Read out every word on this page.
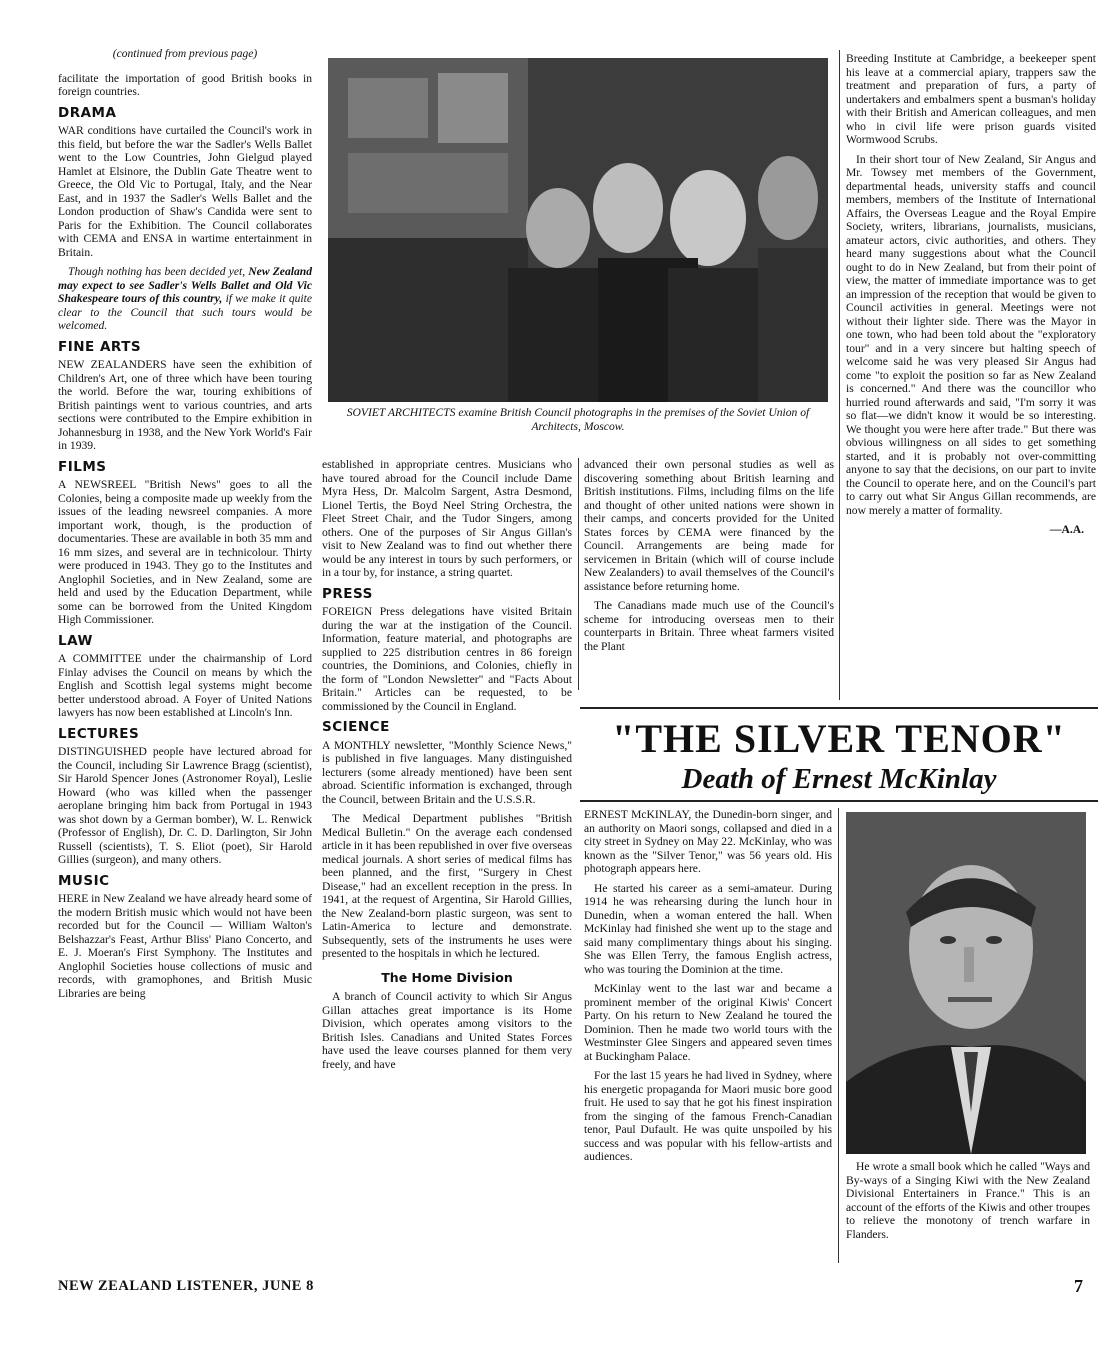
(continued from previous page)

facilitate the importation of good British books in foreign countries.

DRAMA

WAR conditions have curtailed the Council's work in this field, but before the war the Sadler's Wells Ballet went to the Low Countries, John Gielgud played Hamlet at Elsinore, the Dublin Gate Theatre went to Greece, the Old Vic to Portugal, Italy, and the Near East, and in 1937 the Sadler's Wells Ballet and the London production of Shaw's Candida were sent to Paris for the Exhibition. The Council collaborates with CEMA and ENSA in wartime entertainment in Britain.

Though nothing has been decided yet, New Zealand may expect to see Sadler's Wells Ballet and Old Vic Shakespeare tours of this country, if we make it quite clear to the Council that such tours would be welcomed.

FINE ARTS

NEW ZEALANDERS have seen the exhibition of Children's Art, one of three which have been touring the world. Before the war, touring exhibitions of British paintings went to various countries, and arts sections were contributed to the Empire exhibition in Johannesburg in 1938, and the New York World's Fair in 1939.

FILMS

A NEWSREEL "British News" goes to all the Colonies, being a composite made up weekly from the issues of the leading newsreel companies. A more important work, though, is the production of documentaries. These are available in both 35 mm and 16 mm sizes, and several are in technicolour. Thirty were produced in 1943. They go to the Institutes and Anglophil Societies, and in New Zealand, some are held and used by the Education Department, while some can be borrowed from the United Kingdom High Commissioner.

LAW

A COMMITTEE under the chairmanship of Lord Finlay advises the Council on means by which the English and Scottish legal systems might become better understood abroad. A Foyer of United Nations lawyers has now been established at Lincoln's Inn.

LECTURES

DISTINGUISHED people have lectured abroad for the Council, including Sir Lawrence Bragg (scientist), Sir Harold Spencer Jones (Astronomer Royal), Leslie Howard (who was killed when the passenger aeroplane bringing him back from Portugal in 1943 was shot down by a German bomber), W. L. Renwick (Professor of English), Dr. C. D. Darlington, Sir John Russell (scientists), T. S. Eliot (poet), Sir Harold Gillies (surgeon), and many others.

MUSIC

HERE in New Zealand we have already heard some of the modern British music which would not have been recorded but for the Council — William Walton's Belshazzar's Feast, Arthur Bliss' Piano Concerto, and E. J. Moeran's First Symphony. The Institutes and Anglophil Societies house collections of music and records, with gramophones, and British Music Libraries are being

SOVIET ARCHITECTS examine British Council photographs in the premises of the Soviet Union of Architects, Moscow.

established in appropriate centres. Musicians who have toured abroad for the Council include Dame Myra Hess, Dr. Malcolm Sargent, Astra Desmond, Lionel Tertis, the Boyd Neel String Orchestra, the Fleet Street Chair, and the Tudor Singers, among others. One of the purposes of Sir Angus Gillan's visit to New Zealand was to find out whether there would be any interest in tours by such performers, or in a tour by, for instance, a string quartet.

PRESS

FOREIGN Press delegations have visited Britain during the war at the instigation of the Council. Information, feature material, and photographs are supplied to 225 distribution centres in 86 foreign countries, the Dominions, and Colonies, chiefly in the form of "London Newsletter" and "Facts About Britain." Articles can be requested, to be commissioned by the Council in England.

SCIENCE

A MONTHLY newsletter, "Monthly Science News," is published in five languages. Many distinguished lecturers (some already mentioned) have been sent abroad. Scientific information is exchanged, through the Council, between Britain and the U.S.S.R.

The Medical Department publishes "British Medical Bulletin." On the average each condensed article in it has been republished in over five overseas medical journals. A short series of medical films has been planned, and the first, "Surgery in Chest Disease," had an excellent reception in the press. In 1941, at the request of Argentina, Sir Harold Gillies, the New Zealand-born plastic surgeon, was sent to Latin-America to lecture and demonstrate. Subsequently, sets of the instruments he uses were presented to the hospitals in which he lectured.

The Home Division

A branch of Council activity to which Sir Angus Gillan attaches great importance is its Home Division, which operates among visitors to the British Isles. Canadians and United States Forces have used the leave courses planned for them very freely, and have

advanced their own personal studies as well as discovering something about British learning and British institutions. Films, including films on the life and thought of other united nations were shown in their camps, and concerts provided for the United States forces by CEMA were financed by the Council. Arrangements are being made for servicemen in Britain (which will of course include New Zealanders) to avail themselves of the Council's assistance before returning home.

The Canadians made much use of the Council's scheme for introducing overseas men to their counterparts in Britain. Three wheat farmers visited the Plant

Breeding Institute at Cambridge, a beekeeper spent his leave at a commercial apiary, trappers saw the treatment and preparation of furs, a party of undertakers and embalmers spent a busman's holiday with their British and American colleagues, and men who in civil life were prison guards visited Wormwood Scrubs.

In their short tour of New Zealand, Sir Angus and Mr. Towsey met members of the Government, departmental heads, university staffs and council members, members of the Institute of International Affairs, the Overseas League and the Royal Empire Society, writers, librarians, journalists, musicians, amateur actors, civic authorities, and others. They heard many suggestions about what the Council ought to do in New Zealand, but from their point of view, the matter of immediate importance was to get an impression of the reception that would be given to Council activities in general. Meetings were not without their lighter side. There was the Mayor in one town, who had been told about the "exploratory tour" and in a very sincere but halting speech of welcome said he was very pleased Sir Angus had come "to exploit the position so far as New Zealand is concerned." And there was the councillor who hurried round afterwards and said, "I'm sorry it was so flat—we didn't know it would be so interesting. We thought you were here after trade." But there was obvious willingness on all sides to get something started, and it is probably not over-committing anyone to say that the decisions, on our part to invite the Council to operate here, and on the Council's part to carry out what Sir Angus Gillan recommends, are now merely a matter of formality.

—A.A.
"THE SILVER TENOR"
Death of Ernest McKinlay

ERNEST McKINLAY, the Dunedin-born singer, and an authority on Maori songs, collapsed and died in a city street in Sydney on May 22. McKinlay, who was known as the "Silver Tenor," was 56 years old. His photograph appears here.

He started his career as a semi-amateur. During 1914 he was rehearsing during the lunch hour in Dunedin, when a woman entered the hall. When McKinlay had finished she went up to the stage and said many complimentary things about his singing. She was Ellen Terry, the famous English actress, who was touring the Dominion at the time.

McKinlay went to the last war and became a prominent member of the original Kiwis' Concert Party. On his return to New Zealand he toured the Dominion. Then he made two world tours with the Westminster Glee Singers and appeared seven times at Buckingham Palace.

For the last 15 years he had lived in Sydney, where his energetic propaganda for Maori music bore good fruit. He used to say that he got his finest inspiration from the singing of the famous French-Canadian tenor, Paul Dufault. He was quite unspoiled by his success and was popular with his fellow-artists and audiences.

He wrote a small book which he called "Ways and By-ways of a Singing Kiwi with the New Zealand Divisional Entertainers in France." This is an account of the efforts of the Kiwis and other troupes to relieve the monotony of trench warfare in Flanders.

NEW ZEALAND LISTENER, JUNE 8	7
